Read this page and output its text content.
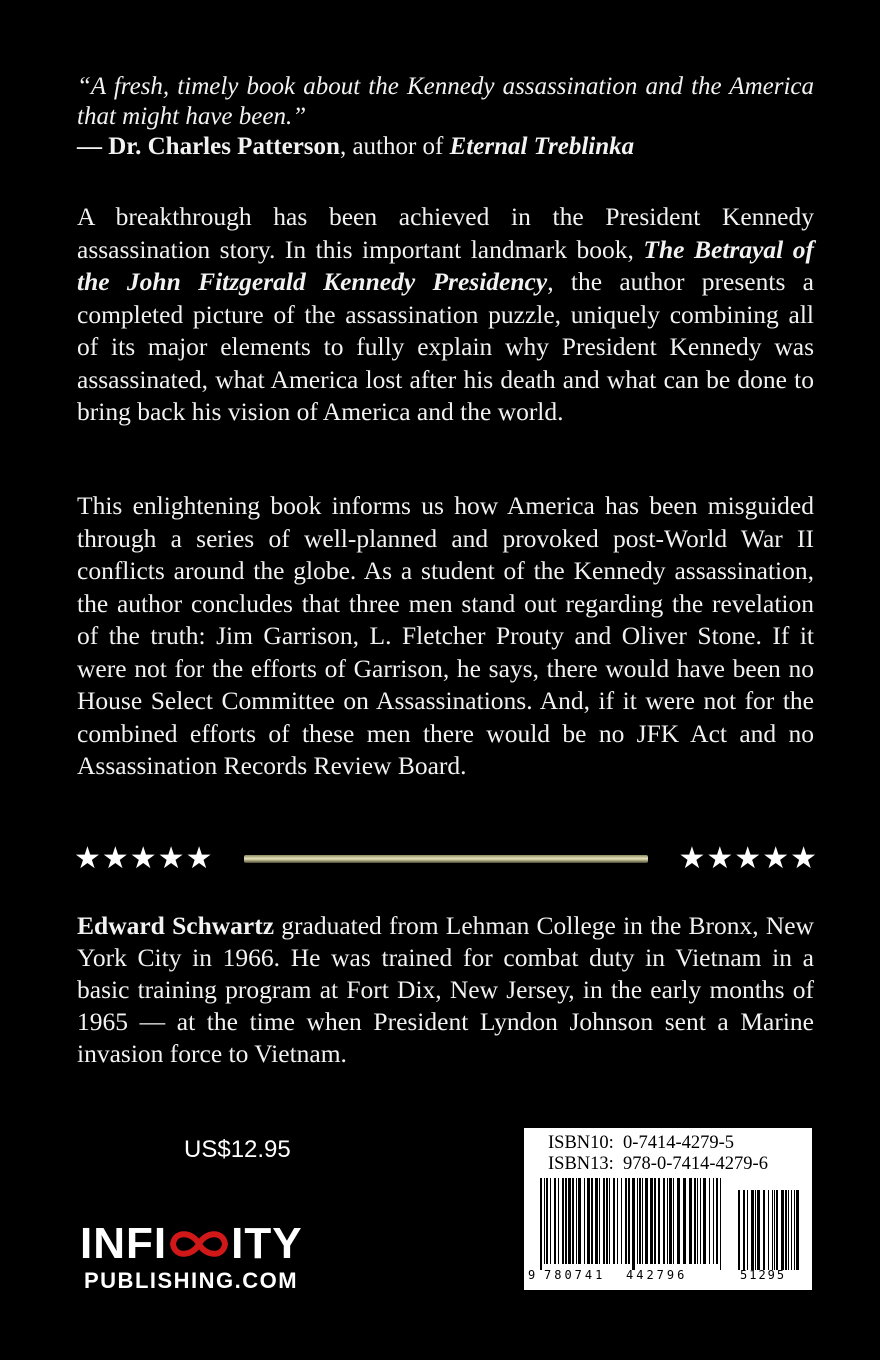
“A fresh, timely book about the Kennedy assassination and the America that might have been.”
— Dr. Charles Patterson, author of Eternal Treblinka

A breakthrough has been achieved in the President Kennedy assassination story. In this important landmark book, The Betrayal of the John Fitzgerald Kennedy Presidency, the author presents a completed picture of the assassination puzzle, uniquely combining all of its major elements to fully explain why President Kennedy was assassinated, what America lost after his death and what can be done to bring back his vision of America and the world.

This enlightening book informs us how America has been misguided through a series of well-planned and provoked post-World War II conflicts around the globe. As a student of the Kennedy assassination, the author concludes that three men stand out regarding the revelation of the truth: Jim Garrison, L. Fletcher Prouty and Oliver Stone. If it were not for the efforts of Garrison, he says, there would have been no House Select Committee on Assassinations. And, if it were not for the combined efforts of these men there would be no JFK Act and no Assassination Records Review Board.

★★★★★	★★★★★

Edward Schwartz graduated from Lehman College in the Bronx, New York City in 1966. He was trained for combat duty in Vietnam in a basic training program at Fort Dix, New Jersey, in the early months of 1965 — at the time when President Lyndon Johnson sent a Marine invasion force to Vietnam.

US$12.95
INFI ITY
PUBLISHING.COM
ISBN10: 0-7414-4279-5
ISBN13: 978-0-7414-4279-6
9 780741 442796	51295
